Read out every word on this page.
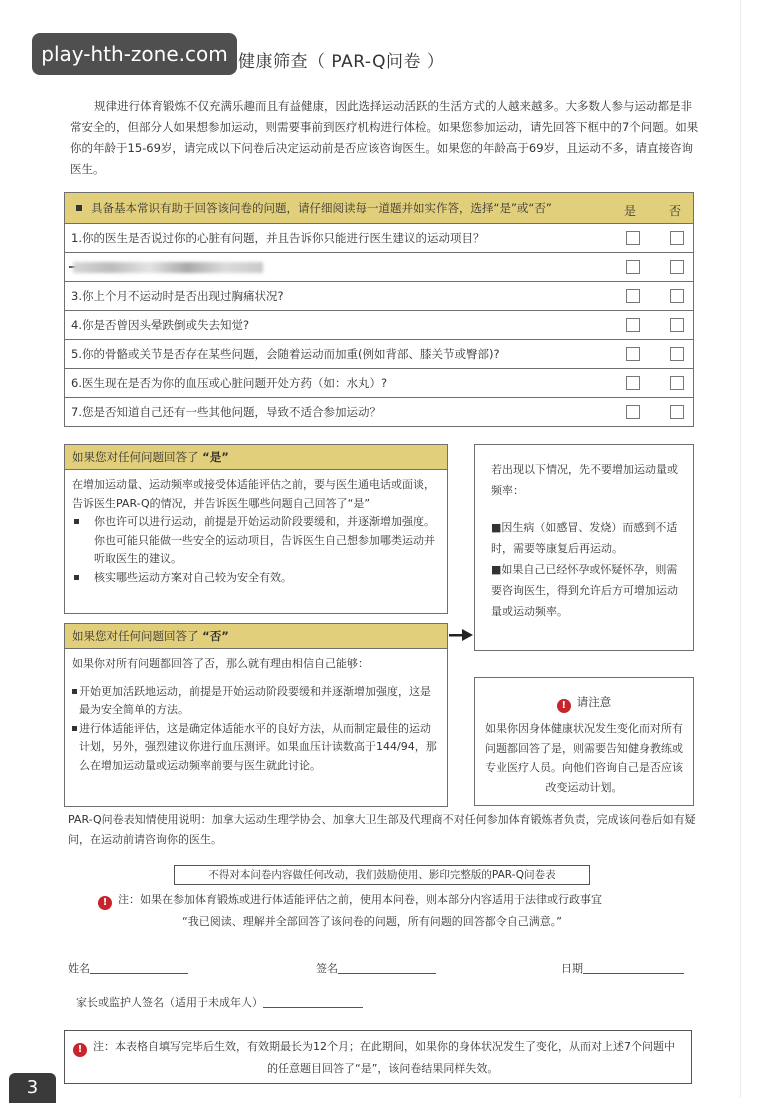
健康筛查（ PAR-Q问卷 ）
play-hth-zone.com

规律进行体育锻炼不仅充满乐趣而且有益健康，因此选择运动活跃的生活方式的人越来越多。大多数人参与运动都是非常安全的，但部分人如果想参加运动，则需要事前到医疗机构进行体检。如果您参加运动，请先回答下框中的7个问题。如果你的年龄于15-69岁，请完成以下问卷后决定运动前是否应该咨询医生。如果您的年龄高于69岁，且运动不多，请直接咨询医生。

具备基本常识有助于回答该问卷的问题，请仔细阅读每一道题并如实作答，选择“是”或“否”	是	否
1.你的医生是否说过你的心脏有问题，并且告诉你只能进行医生建议的运动项目？
3.你上个月不运动时是否出现过胸痛状况?
4.你是否曾因头晕跌倒或失去知觉?
5.你的骨骼或关节是否存在某些问题，会随着运动而加重(例如背部、膝关节或臀部)?
6.医生现在是否为你的血压或心脏问题开处方药（如：水丸）?
7.您是否知道自己还有一些其他问题，导致不适合参加运动？
如果您对任何问题回答了 “是”

在增加运动量、运动频率或接受体适能评估之前，要与医生通电话或面谈，告诉医生PAR-Q的情况，并告诉医生哪些问题自己回答了“是”

你也许可以进行运动，前提是开始运动阶段要缓和，并逐渐增加强度。你也可能只能做一些安全的运动项目，告诉医生自己想参加哪类运动并听取医生的建议。

核实哪些运动方案对自己较为安全有效。

如果您对任何问题回答了 “否”

如果你对所有问题都回答了否，那么就有理由相信自己能够：

开始更加活跃地运动，前提是开始运动阶段要缓和并逐渐增加强度，这是最为安全简单的方法。

进行体适能评估，这是确定体适能水平的良好方法，从而制定最佳的运动计划，另外，强烈建议你进行血压测评。如果血压计读数高于144/94，那么在增加运动量或运动频率前要与医生就此讨论。

若出现以下情况，先不要增加运动量或频率：

■因生病（如感冒、发烧）而感到不适时，需要等康复后再运动。

■如果自己已经怀孕或怀疑怀孕，则需要咨询医生，得到允许后方可增加运动量或运动频率。

! 请注意
如果你因身体健康状况发生变化而对所有问题都回答了是，则需要告知健身教练或专业医疗人员。向他们咨询自己是否应该改变运动计划。

PAR-Q问卷表知情使用说明：加拿大运动生理学协会、加拿大卫生部及代理商不对任何参加体育锻炼者负责，完成该问卷后如有疑问，在运动前请咨询你的医生。

不得对本问卷内容做任何改动，我们鼓励使用、影印完整版的PAR-Q问卷表
! 注：如果在参加体育锻炼或进行体适能评估之前，使用本问卷，则本部分内容适用于法律或行政事宜
“我已阅读、理解并全部回答了该问卷的问题，所有问题的回答都令自己满意。”
姓名	签名	日期
家长或监护人签名（适用于未成年人）
! 注：本表格自填写完毕后生效，有效期最长为12个月；在此期间，如果你的身体状况发生了变化，从而对上述7个问题中
的任意题目回答了“是”，该问卷结果同样失效。
3
